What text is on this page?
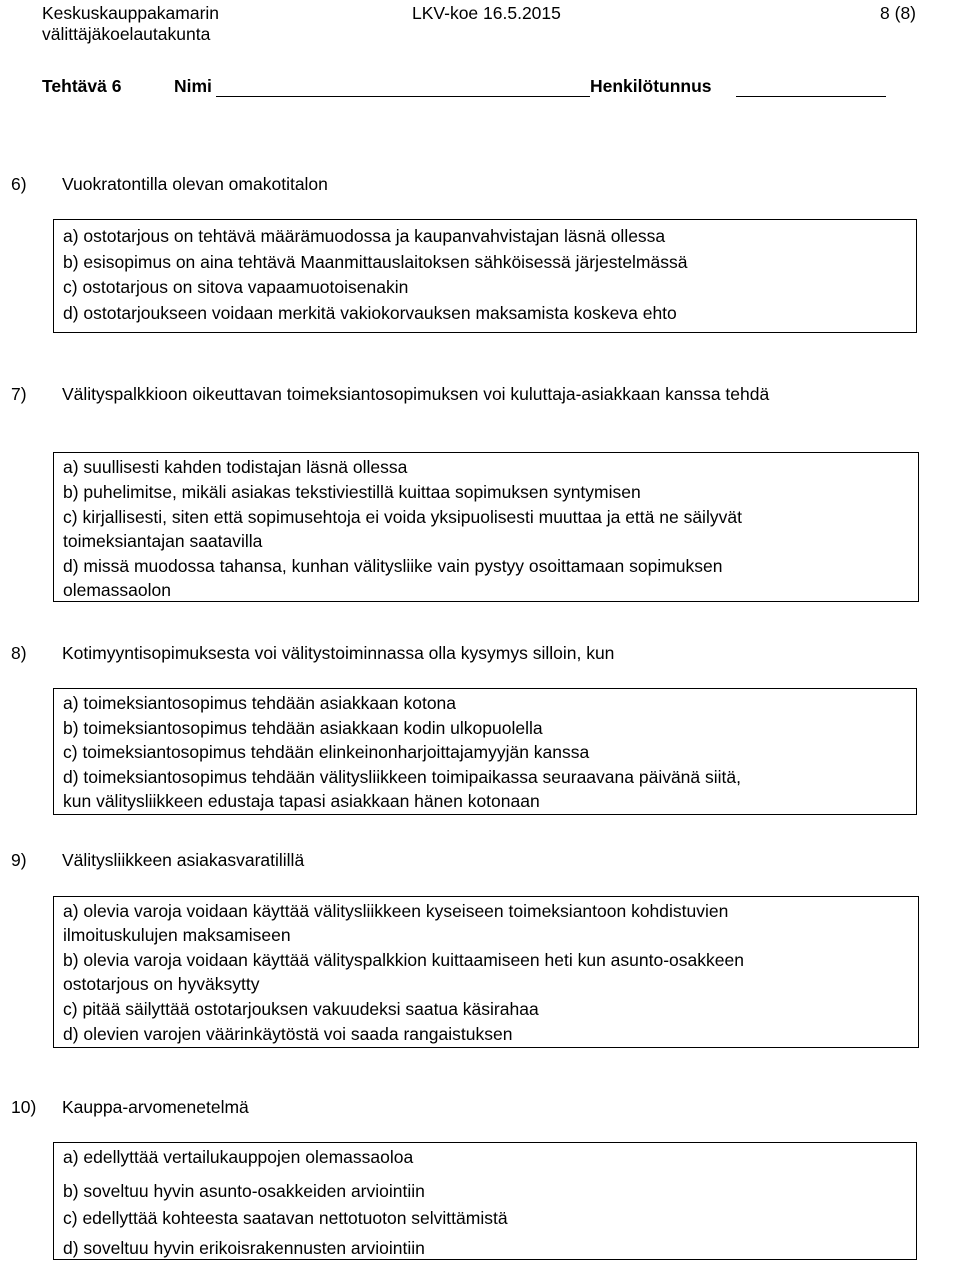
Keskuskauppakamarin
välittäjäkoelautakunta
LKV-koe 16.5.2015	8 (8)
Tehtävä 6	Nimi	Henkilötunnus
6) Vuokratontilla olevan omakotitalon
a) ostotarjous on tehtävä määrämuodossa ja kaupanvahvistajan läsnä ollessa
b) esisopimus on aina tehtävä Maanmittauslaitoksen sähköisessä järjestelmässä
c) ostotarjous on sitova vapaamuotoisenakin
d) ostotarjoukseen voidaan merkitä vakiokorvauksen maksamista koskeva ehto
7) Välityspalkkioon oikeuttavan toimeksiantosopimuksen voi kuluttaja-asiakkaan kanssa tehdä
a) suullisesti kahden todistajan läsnä ollessa
b) puhelimitse, mikäli asiakas tekstiviestillä kuittaa sopimuksen syntymisen
c) kirjallisesti, siten että sopimusehtoja ei voida yksipuolisesti muuttaa ja että ne säilyvät
toimeksiantajan saatavilla
d) missä muodossa tahansa, kunhan välitysliike vain pystyy osoittamaan sopimuksen
olemassaolon
8) Kotimyyntisopimuksesta voi välitystoiminnassa olla kysymys silloin, kun
a) toimeksiantosopimus tehdään asiakkaan kotona
b) toimeksiantosopimus tehdään asiakkaan kodin ulkopuolella
c) toimeksiantosopimus tehdään elinkeinonharjoittajamyyjän kanssa
d) toimeksiantosopimus tehdään välitysliikkeen toimipaikassa seuraavana päivänä siitä,
kun välitysliikkeen edustaja tapasi asiakkaan hänen kotonaan
9) Välitysliikkeen asiakasvaratilillä
a) olevia varoja voidaan käyttää välitysliikkeen kyseiseen toimeksiantoon kohdistuvien
ilmoituskulujen maksamiseen
b) olevia varoja voidaan käyttää välityspalkkion kuittaamiseen heti kun asunto-osakkeen
ostotarjous on hyväksytty
c) pitää säilyttää ostotarjouksen vakuudeksi saatua käsirahaa
d) olevien varojen väärinkäytöstä voi saada rangaistuksen
10) Kauppa-arvomenetelmä
a) edellyttää vertailukauppojen olemassaoloa
b) soveltuu hyvin asunto-osakkeiden arviointiin
c) edellyttää kohteesta saatavan nettotuoton selvittämistä
d) soveltuu hyvin erikoisrakennusten arviointiin
